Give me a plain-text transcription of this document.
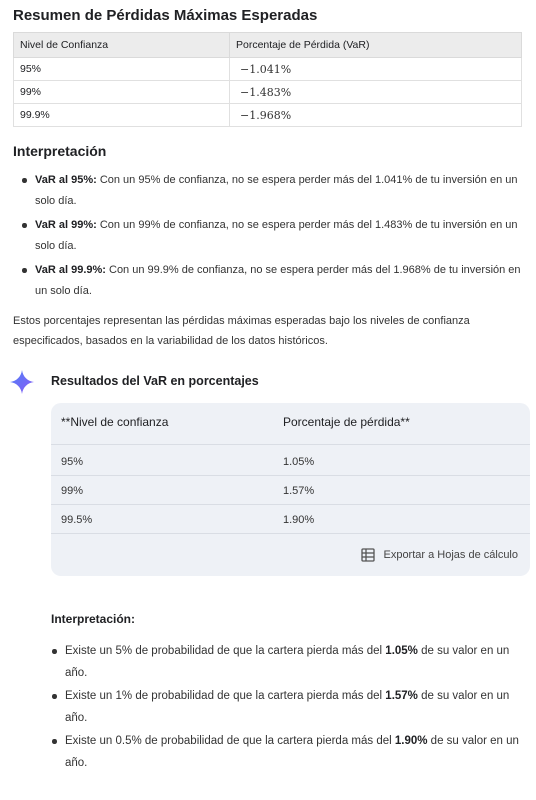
Resumen de Pérdidas Máximas Esperadas
Nivel de Confianza	Porcentaje de Pérdida (VaR)
95%	−1.041%
99%	−1.483%
99.9%	−1.968%
Interpretación
VaR al 95%: Con un 95% de confianza, no se espera perder más del 1.041% de tu inversión en un solo día.
VaR al 99%: Con un 99% de confianza, no se espera perder más del 1.483% de tu inversión en un solo día.
VaR al 99.9%: Con un 99.9% de confianza, no se espera perder más del 1.968% de tu inversión en un solo día.

Estos porcentajes representan las pérdidas máximas esperadas bajo los niveles de confianza especificados, basados en la variabilidad de los datos históricos.

Resultados del VaR en porcentajes
**Nivel de confianza	Porcentaje de pérdida**
95%	1.05%
99%	1.57%
99.5%	1.90%
Exportar a Hojas de cálculo
Interpretación:
Existe un 5% de probabilidad de que la cartera pierda más del 1.05% de su valor en un año.
Existe un 1% de probabilidad de que la cartera pierda más del 1.57% de su valor en un año.
Existe un 0.5% de probabilidad de que la cartera pierda más del 1.90% de su valor en un año.
